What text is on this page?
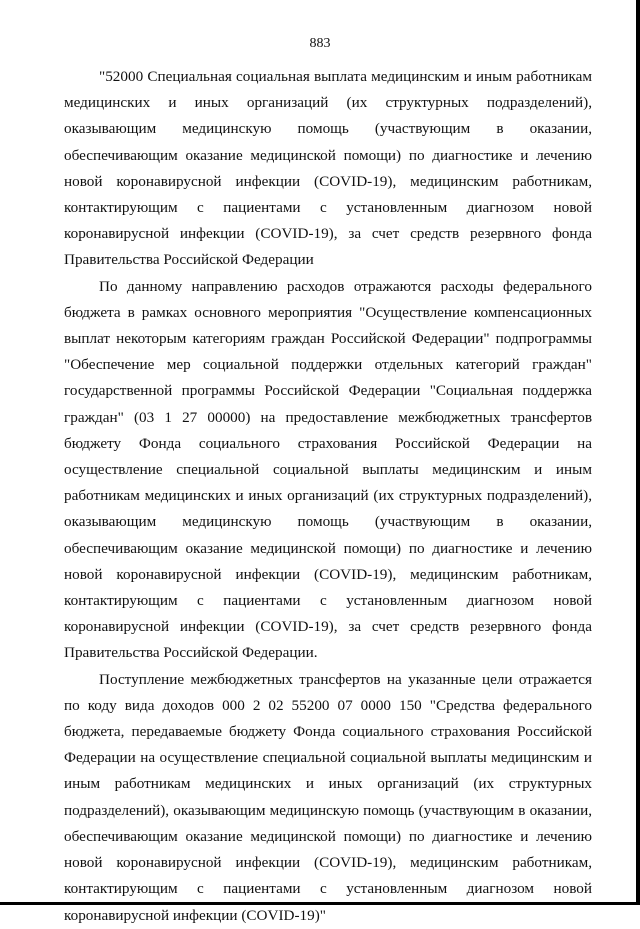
883

"52000 Специальная социальная выплата медицинским и иным работникам медицинских и иных организаций (их структурных подразделений), оказывающим медицинскую помощь (участвующим в оказании, обеспечивающим оказание медицинской помощи) по диагностике и лечению новой коронавирусной инфекции (COVID-19), медицинским работникам, контактирующим с пациентами с установленным диагнозом новой коронавирусной инфекции (COVID-19), за счет средств резервного фонда Правительства Российской Федерации

По данному направлению расходов отражаются расходы федерального бюджета в рамках основного мероприятия "Осуществление компенсационных выплат некоторым категориям граждан Российской Федерации" подпрограммы "Обеспечение мер социальной поддержки отдельных категорий граждан" государственной программы Российской Федерации "Социальная поддержка граждан" (03 1 27 00000) на предоставление межбюджетных трансфертов бюджету Фонда социального страхования Российской Федерации на осуществление специальной социальной выплаты медицинским и иным работникам медицинских и иных организаций (их структурных подразделений), оказывающим медицинскую помощь (участвующим в оказании, обеспечивающим оказание медицинской помощи) по диагностике и лечению новой коронавирусной инфекции (COVID-19), медицинским работникам, контактирующим с пациентами с установленным диагнозом новой коронавирусной инфекции (COVID-19), за счет средств резервного фонда Правительства Российской Федерации.

Поступление межбюджетных трансфертов на указанные цели отражается по коду вида доходов 000 2 02 55200 07 0000 150 "Средства федерального бюджета, передаваемые бюджету Фонда социального страхования Российской Федерации на осуществление специальной социальной выплаты медицинским и иным работникам медицинских и иных организаций (их структурных подразделений), оказывающим медицинскую помощь (участвующим в оказании, обеспечивающим оказание медицинской помощи) по диагностике и лечению новой коронавирусной инфекции (COVID-19), медицинским работникам, контактирующим с пациентами с установленным диагнозом новой коронавирусной инфекции (COVID-19)"
